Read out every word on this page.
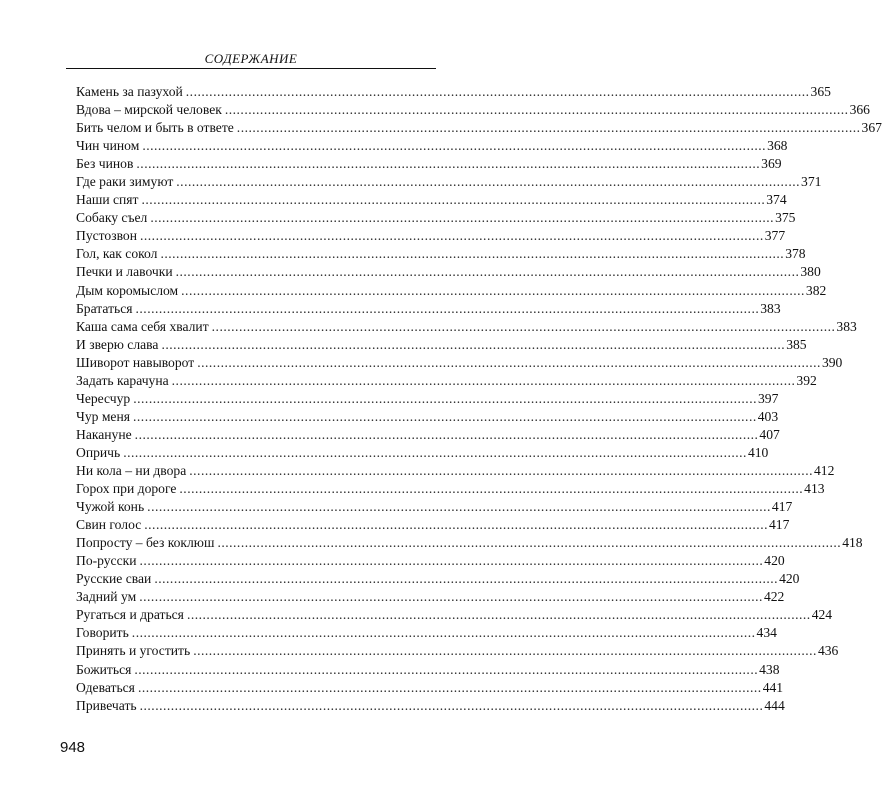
СОДЕРЖАНИЕ
Камень за пазухой ................................................................................................................................................................ 365
Вдова – мирской человек ................................................................................................................................................................ 366
Бить челом и быть в ответе ................................................................................................................................................................ 367
Чин чином ................................................................................................................................................................ 368
Без чинов ................................................................................................................................................................ 369
Где раки зимуют ................................................................................................................................................................ 371
Наши спят ................................................................................................................................................................ 374
Собаку съел ................................................................................................................................................................ 375
Пустозвон ................................................................................................................................................................ 377
Гол, как сокол ................................................................................................................................................................ 378
Печки и лавочки ................................................................................................................................................................ 380
Дым коромыслом ................................................................................................................................................................ 382
Брататься ................................................................................................................................................................ 383
Каша сама себя хвалит ................................................................................................................................................................ 383
И зверю слава ................................................................................................................................................................ 385
Шиворот навыворот ................................................................................................................................................................ 390
Задать карачуна ................................................................................................................................................................ 392
Чересчур ................................................................................................................................................................ 397
Чур меня ................................................................................................................................................................ 403
Накануне ................................................................................................................................................................ 407
Опричь ................................................................................................................................................................ 410
Ни кола – ни двора ................................................................................................................................................................ 412
Горох при дороге ................................................................................................................................................................ 413
Чужой конь ................................................................................................................................................................ 417
Свин голос ................................................................................................................................................................ 417
Попросту – без коклюш ................................................................................................................................................................ 418
По-русски ................................................................................................................................................................ 420
Русские сваи ................................................................................................................................................................ 420
Задний ум ................................................................................................................................................................ 422
Ругаться и драться ................................................................................................................................................................ 424
Говорить ................................................................................................................................................................ 434
Принять и угостить ................................................................................................................................................................ 436
Божиться ................................................................................................................................................................ 438
Одеваться ................................................................................................................................................................ 441
Привечать ................................................................................................................................................................ 444
948
